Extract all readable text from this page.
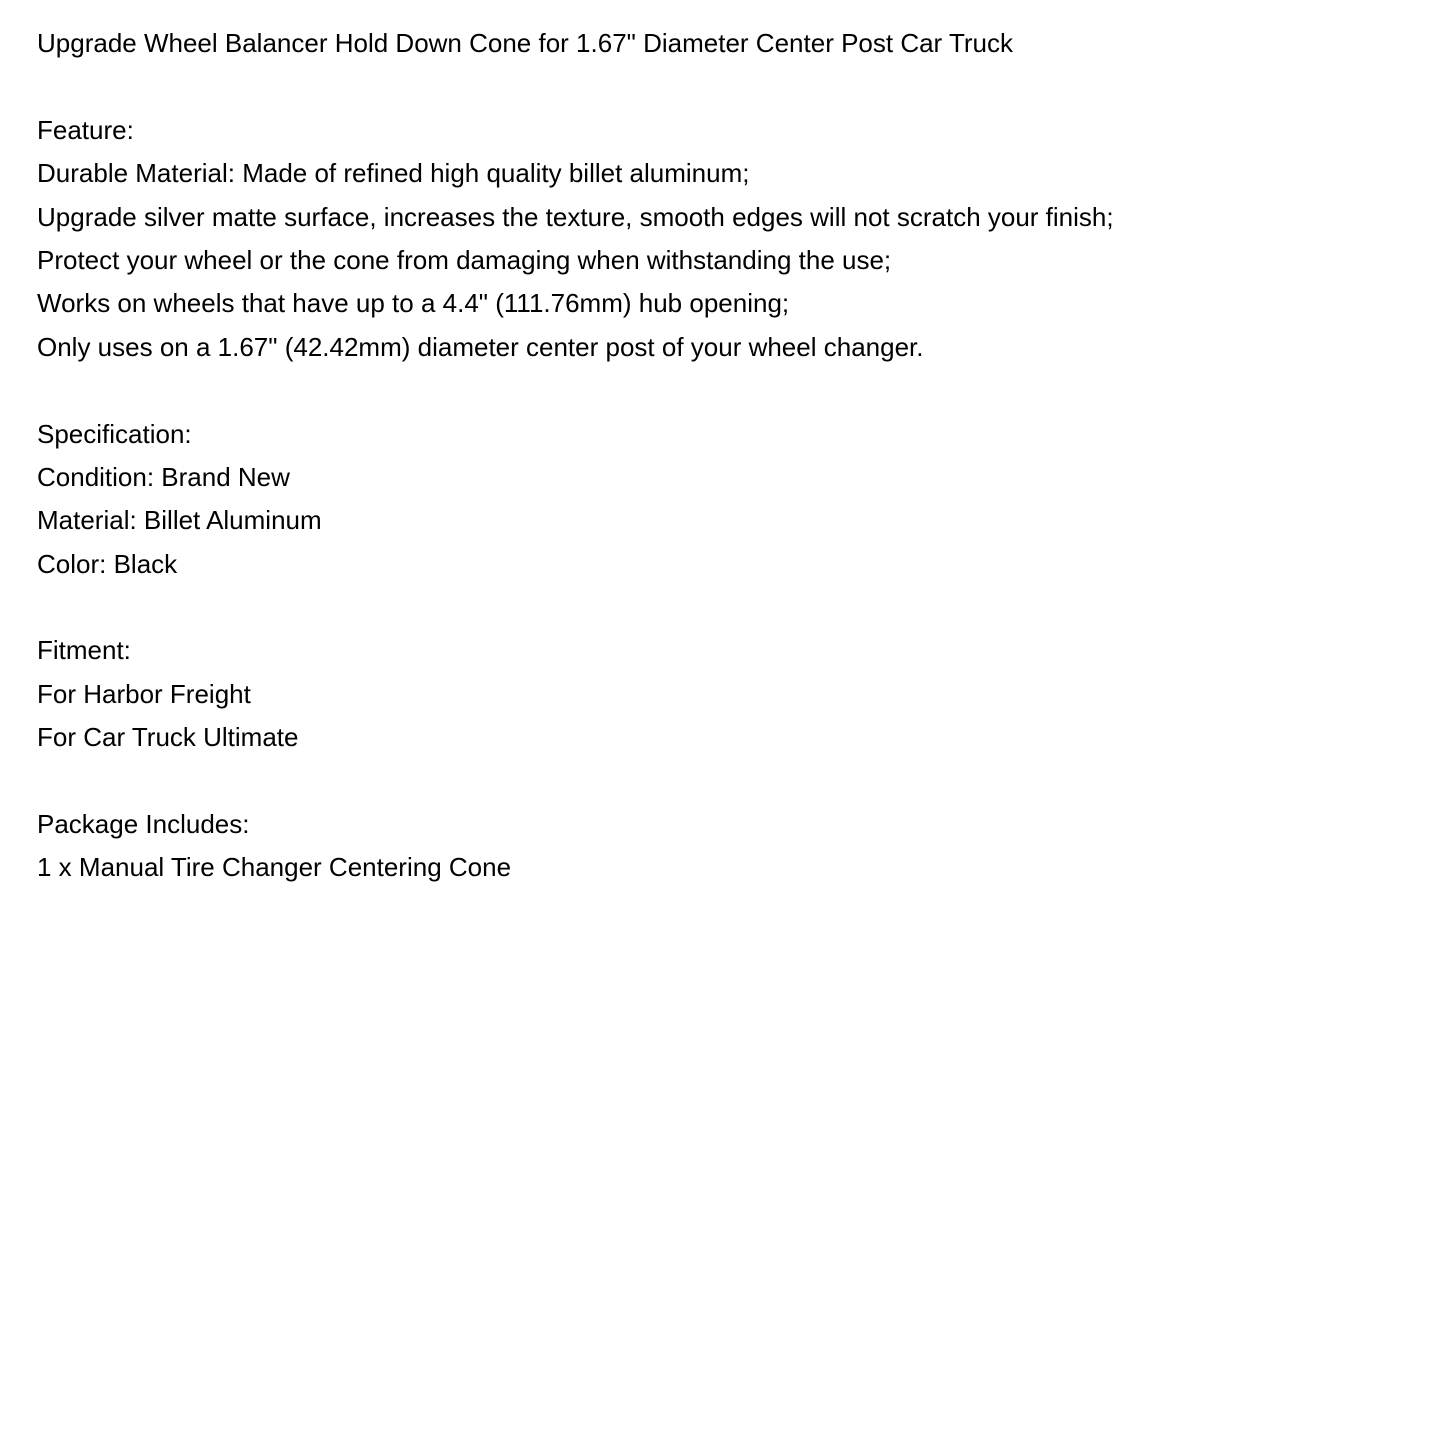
Upgrade Wheel Balancer Hold Down Cone for 1.67" Diameter Center Post Car Truck
Feature:
Durable Material: Made of refined high quality billet aluminum;
Upgrade silver matte surface, increases the texture, smooth edges will not scratch your finish;
Protect your wheel or the cone from damaging when withstanding the use;
Works on wheels that have up to a 4.4" (111.76mm) hub opening;
Only uses on a 1.67" (42.42mm) diameter center post of your wheel changer.
Specification:
Condition: Brand New
Material: Billet Aluminum
Color: Black
Fitment:
For Harbor Freight
For Car Truck Ultimate
Package Includes:
1 x Manual Tire Changer Centering Cone
